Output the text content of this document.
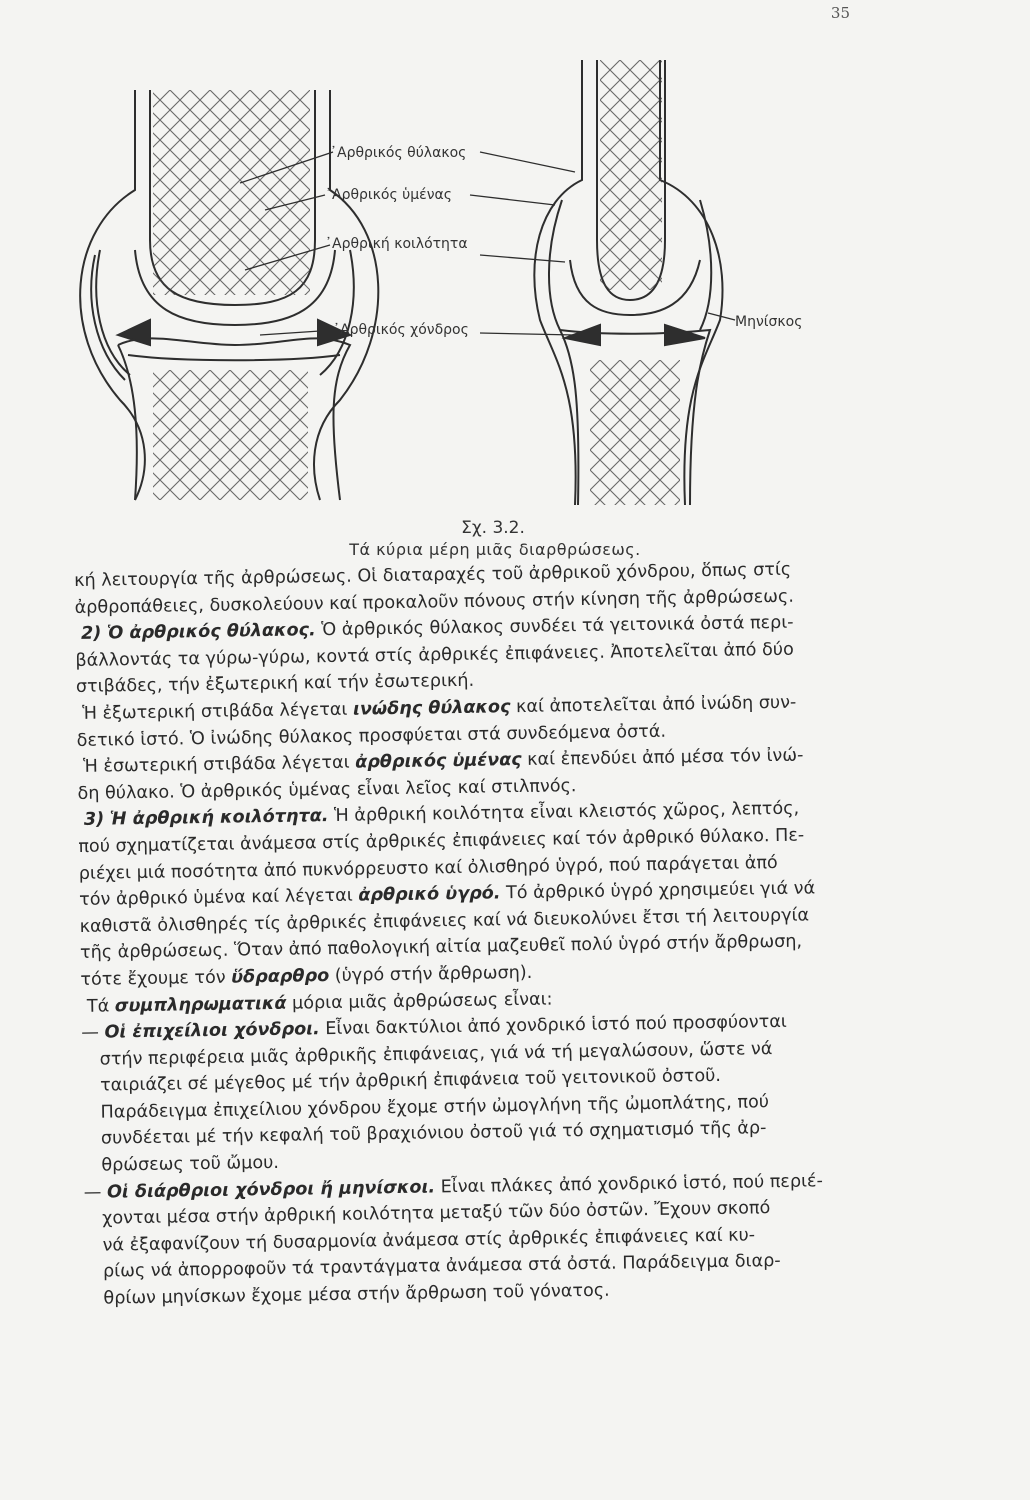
35
᾽Αρθρικός θύλακος
᾽Αρθρικός ὑμένας
᾽Αρθρική κοιλότητα
᾽Αρθρικός χόνδρος	Μηνίσκος
Σχ. 3.2.
Τά κύρια μέρη μιᾶς διαρθρώσεως.
κή λειτουργία τῆς ἀρθρώσεως. Οἱ διαταραχές τοῦ ἀρθρικοῦ χόνδρου, ὅπως στίς
ἀρθροπάθειες, δυσκολεύουν καί προκαλοῦν πόνους στήν κίνηση τῆς ἀρθρώσεως.
2) Ὁ ἀρθρικός θύλακος. Ὁ ἀρθρικός θύλακος συνδέει τά γειτονικά ὀστά περι-
βάλλοντάς τα γύρω-γύρω, κοντά στίς ἀρθρικές ἐπιφάνειες. Ἀποτελεῖται ἀπό δύο
στιβάδες, τήν ἐξωτερική καί τήν ἐσωτερική.
Ἡ ἐξωτερική στιβάδα λέγεται ινώδης θύλακος καί ἀποτελεῖται ἀπό ἰνώδη συν-
δετικό ἱστό. Ὁ ἰνώδης θύλακος προσφύεται στά συνδεόμενα ὀστά.
Ἡ ἐσωτερική στιβάδα λέγεται ἀρθρικός ὑμένας καί ἐπενδύει ἀπό μέσα τόν ἰνώ-
δη θύλακο. Ὁ ἀρθρικός ὑμένας εἶναι λεῖος καί στιλπνός.
3) Ἡ ἀρθρική κοιλότητα. Ἡ ἀρθρική κοιλότητα εἶναι κλειστός χῶρος, λεπτός,
πού σχηματίζεται ἀνάμεσα στίς ἀρθρικές ἐπιφάνειες καί τόν ἀρθρικό θύλακο. Πε-
ριέχει μιά ποσότητα ἀπό πυκνόρρευστο καί ὀλισθηρό ὑγρό, πού παράγεται ἀπό
τόν ἀρθρικό ὑμένα καί λέγεται ἀρθρικό ὑγρό. Τό ἀρθρικό ὑγρό χρησιμεύει γιά νά
καθιστᾶ ὀλισθηρές τίς ἀρθρικές ἐπιφάνειες καί νά διευκολύνει ἔτσι τή λειτουργία
τῆς ἀρθρώσεως. Ὅταν ἀπό παθολογική αἰτία μαζευθεῖ πολύ ὑγρό στήν ἄρθρωση,
τότε ἔχουμε τόν ὕδραρθρο (ὑγρό στήν ἄρθρωση).
Τά συμπληρωματικά μόρια μιᾶς ἀρθρώσεως εἶναι:
— Οἱ ἐπιχείλιοι χόνδροι. Εἶναι δακτύλιοι ἀπό χονδρικό ἱστό πού προσφύονται
στήν περιφέρεια μιᾶς ἀρθρικῆς ἐπιφάνειας, γιά νά τή μεγαλώσουν, ὥστε νά
ταιριάζει σέ μέγεθος μέ τήν ἀρθρική ἐπιφάνεια τοῦ γειτονικοῦ ὀστοῦ.
Παράδειγμα ἐπιχείλιου χόνδρου ἔχομε στήν ὠμογλήνη τῆς ὠμοπλάτης, πού
συνδέεται μέ τήν κεφαλή τοῦ βραχιόνιου ὀστοῦ γιά τό σχηματισμό τῆς ἀρ-
θρώσεως τοῦ ὤμου.
— Οἱ διάρθριοι χόνδροι ἤ μηνίσκοι. Εἶναι πλάκες ἀπό χονδρικό ἱστό, πού περιέ-
χονται μέσα στήν ἀρθρική κοιλότητα μεταξύ τῶν δύο ὀστῶν. Ἔχουν σκοπό
νά ἐξαφανίζουν τή δυσαρμονία ἀνάμεσα στίς ἀρθρικές ἐπιφάνειες καί κυ-
ρίως νά ἀπορροφοῦν τά τραντάγματα ἀνάμεσα στά ὀστά. Παράδειγμα διαρ-
θρίων μηνίσκων ἔχομε μέσα στήν ἄρθρωση τοῦ γόνατος.
